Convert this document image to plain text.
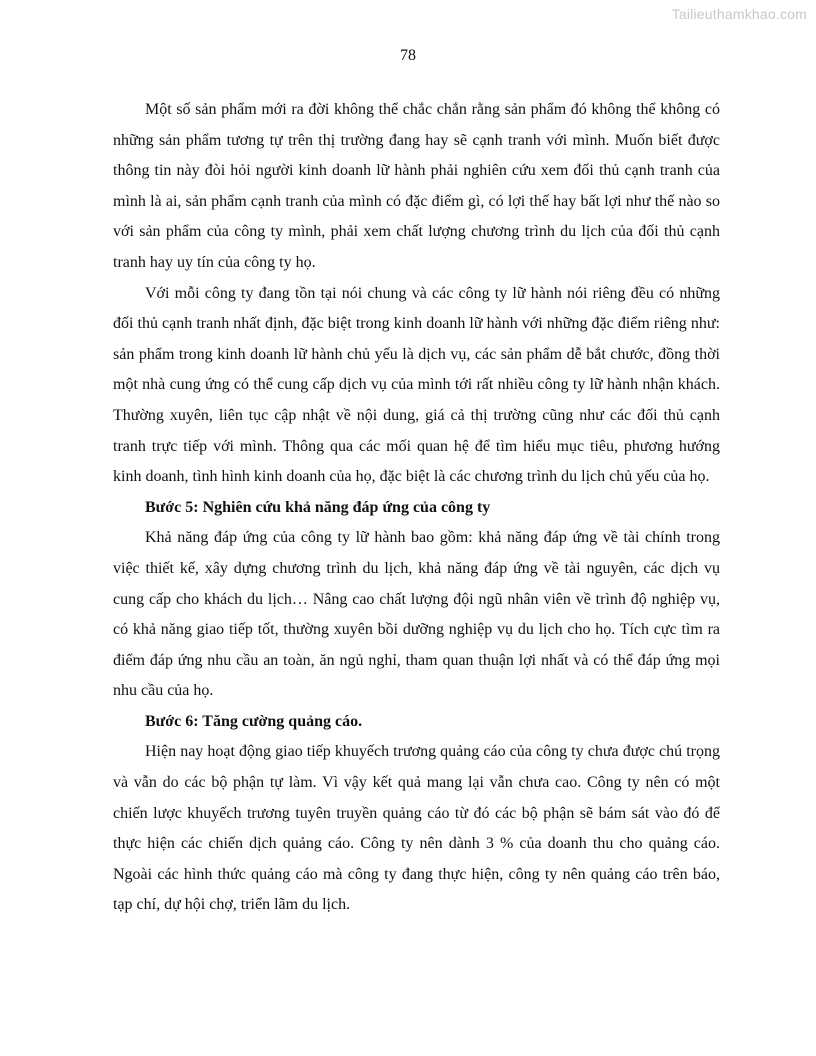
Tailieuthamkhao.com
78

Một số sản phẩm mới ra đời không thể chắc chắn rằng sản phẩm đó không thể không có những sản phẩm tương tự trên thị trường đang hay sẽ cạnh tranh với mình. Muốn biết được thông tin này đòi hỏi người kinh doanh lữ hành phải nghiên cứu xem đối thủ cạnh tranh của mình là ai, sản phẩm cạnh tranh của mình có đặc điểm gì, có lợi thế hay bất lợi như thế nào so với sản phẩm của công ty mình, phải xem chất lượng chương trình du lịch của đối thủ cạnh tranh hay uy tín của công ty họ.

Với mỗi công ty đang tồn tại nói chung và các công ty lữ hành nói riêng đều có những đối thủ cạnh tranh nhất định, đặc biệt trong kinh doanh lữ hành với những đặc điểm riêng như: sản phẩm trong kinh doanh lữ hành chủ yếu là dịch vụ, các sản phẩm dễ bắt chước, đồng thời một nhà cung ứng có thể cung cấp dịch vụ của mình tới rất nhiều công ty lữ hành nhận khách. Thường xuyên, liên tục cập nhật về nội dung, giá cả thị trường cũng như các đối thủ cạnh tranh trực tiếp với mình. Thông qua các mối quan hệ để tìm hiểu mục tiêu, phương hướng kinh doanh, tình hình kinh doanh của họ, đặc biệt là các chương trình du lịch chủ yếu của họ.

Bước 5: Nghiên cứu khả năng đáp ứng của công ty

Khả năng đáp ứng của công ty lữ hành bao gồm: khả năng đáp ứng về tài chính trong việc thiết kế, xây dựng chương trình du lịch, khả năng đáp ứng về tài nguyên, các dịch vụ cung cấp cho khách du lịch… Nâng cao chất lượng đội ngũ nhân viên về trình độ nghiệp vụ, có khả năng giao tiếp tốt, thường xuyên bồi dưỡng nghiệp vụ du lịch cho họ. Tích cực tìm ra điểm đáp ứng nhu cầu an toàn, ăn ngủ nghỉ, tham quan thuận lợi nhất và có thể đáp ứng mọi nhu cầu của họ.

Bước 6: Tăng cường quảng cáo.

Hiện nay hoạt động giao tiếp khuyếch trương quảng cáo của công ty chưa được chú trọng và vẫn do các bộ phận tự làm. Vì vậy kết quả mang lại vẫn chưa cao. Công ty nên có một chiến lược khuyếch trương tuyên truyền quảng cáo từ đó các bộ phận sẽ bám sát vào đó để thực hiện các chiến dịch quảng cáo. Công ty nên dành 3 % của doanh thu cho quảng cáo. Ngoài các hình thức quảng cáo mà công ty đang thực hiện, công ty nên quảng cáo trên báo, tạp chí, dự hội chợ, triển lãm du lịch.
